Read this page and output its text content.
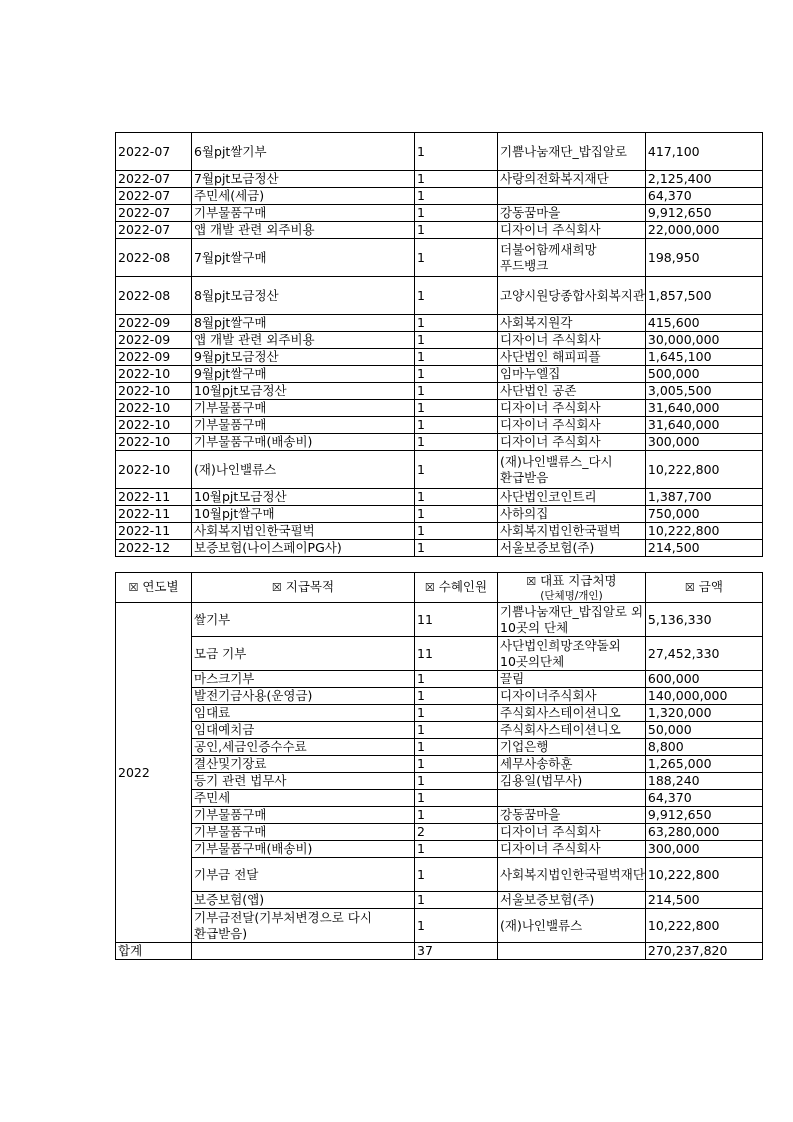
2022-07	6월pjt쌀기부	1	기쁨나눔재단_밥집알로	417,100
2022-07	7월pjt모금정산	1	사랑의전화복지재단	2,125,400
2022-07	주민세(세금)	1		64,370
2022-07	기부물품구매	1	강동꿈마을	9,912,650
2022-07	앱 개발 관련 외주비용	1	디자이너 주식회사	22,000,000
2022-08	7월pjt쌀구매	1	더불어함께새희망 푸드뱅크	198,950
2022-08	8월pjt모금정산	1	고양시원당종합사회복지관	1,857,500
2022-09	8월pjt쌀구매	1	사회복지원각	415,600
2022-09	앱 개발 관련 외주비용	1	디자이너 주식회사	30,000,000
2022-09	9월pjt모금정산	1	사단법인 해피피플	1,645,100
2022-10	9월pjt쌀구매	1	임마누엘집	500,000
2022-10	10월pjt모금정산	1	사단법인 공존	3,005,500
2022-10	기부물품구매	1	디자이너 주식회사	31,640,000
2022-10	기부물품구매	1	디자이너 주식회사	31,640,000
2022-10	기부물품구매(배송비)	1	디자이너 주식회사	300,000
2022-10	(재)나인밸류스	1	(재)나인밸류스_다시 환급받음	10,222,800
2022-11	10월pjt모금정산	1	사단법인코인트리	1,387,700
2022-11	10월pjt쌀구매	1	사하의집	750,000
2022-11	사회복지법인한국펄벅	1	사회복지법인한국펄벅	10,222,800
2022-12	보증보험(나이스페이PG사)	1	서울보증보험(주)	214,500
☒ 연도별	☒ 지급목적	☒ 수혜인원	☒ 대표 지급처명
(단체명/개인)	☒ 금액
2022	쌀기부	11	기쁨나눔재단_밥집알로 외 10곳의 단체	5,136,330
	모금 기부	11	사단법인희망조약돌외 10곳의단체	27,452,330
	마스크기부	1	끌림	600,000
	발전기금사용(운영금)	1	디자이너주식회사	140,000,000
	임대료	1	주식회사스테이션니오	1,320,000
	임대예치금	1	주식회사스테이션니오	50,000
	공인,세금인증수수료	1	기업은행	8,800
	결산및기장료	1	세무사송하훈	1,265,000
	등기 관련 법무사	1	김용일(법무사)	188,240
	주민세	1		64,370
	기부물품구매	1	강동꿈마을	9,912,650
	기부물품구매	2	디자이너 주식회사	63,280,000
	기부물품구매(배송비)	1	디자이너 주식회사	300,000
	기부금 전달	1	사회복지법인한국펄벅재단	10,222,800
	보증보험(앱)	1	서울보증보험(주)	214,500
	기부금전달(기부처변경으로 다시 환급받음)	1	(재)나인밸류스	10,222,800
합계		37		270,237,820
